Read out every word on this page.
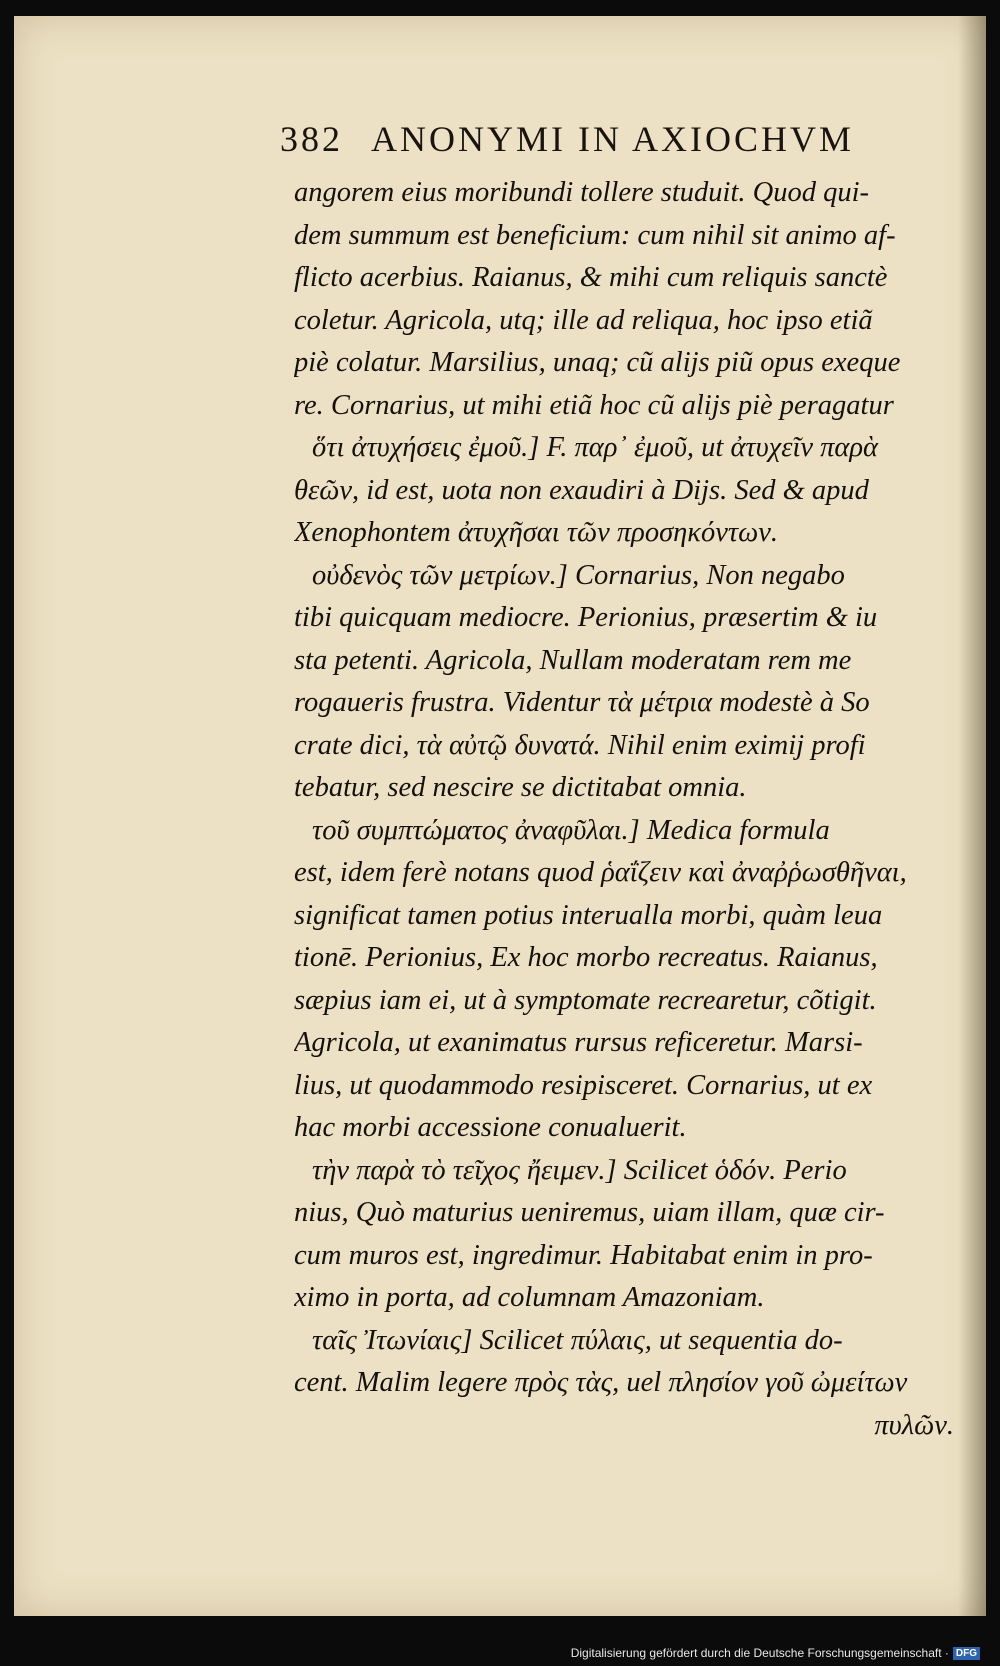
382 ANONYMI IN AXIOCHVM
angorem eius moribundi tollere studuit. Quod qui-
dem summum est beneficium: cum nihil sit animo af-
flicto acerbius. Raianus, & mihi cum reliquis sanctè
coletur. Agricola, utq; ille ad reliqua, hoc ipso etiã
piè colatur. Marsilius, unaq; cũ alijs piũ opus exeque
re. Cornarius, ut mihi etiã hoc cũ alijs piè peragatur
ὅτι ἀτυχήσεις ἐμοῦ.] F. παρ᾽ ἐμοῦ, ut ἀτυχεῖν παρὰ
θεῶν, id est, uota non exaudiri à Dijs. Sed & apud
Xenophontem ἀτυχῆσαι τῶν προσηκόντων.
οὐδενὸς τῶν μετρίων.] Cornarius, Non negabo
tibi quicquam mediocre. Perionius, præsertim & iu
sta petenti. Agricola, Nullam moderatam rem me
rogaueris frustra. Videntur τὰ μέτρια modestè à So
crate dici, τὰ αὐτῷ δυνατά. Nihil enim eximij profi
tebatur, sed nescire se dictitabat omnia.
τοῦ συμπτώματος ἀναφῦλαι.] Medica formula
est, idem ferè notans quod ῥαΐζειν καὶ ἀναῤῥωσθῆναι,
significat tamen potius interualla morbi, quàm leua
tionē. Perionius, Ex hoc morbo recreatus. Raianus,
sæpius iam ei, ut à symptomate recrearetur, cõtigit.
Agricola, ut exanimatus rursus reficeretur. Marsi-
lius, ut quodammodo resipisceret. Cornarius, ut ex
hac morbi accessione conualuerit.
τὴν παρὰ τὸ τεῖχος ἤειμεν.] Scilicet ὁδόν. Perio
nius, Quò maturius ueniremus, uiam illam, quæ cir-
cum muros est, ingredimur. Habitabat enim in pro-
ximo in porta, ad columnam Amazoniam.
ταῖς Ἰτωνίαις] Scilicet πύλαις, ut sequentia do-
cent. Malim legere πρὸς τὰς, uel πλησίον γοῦ ὠμείτων
πυλῶν.
Digitalisierung gefördert durch die Deutsche Forschungsgemeinschaft · DFG
